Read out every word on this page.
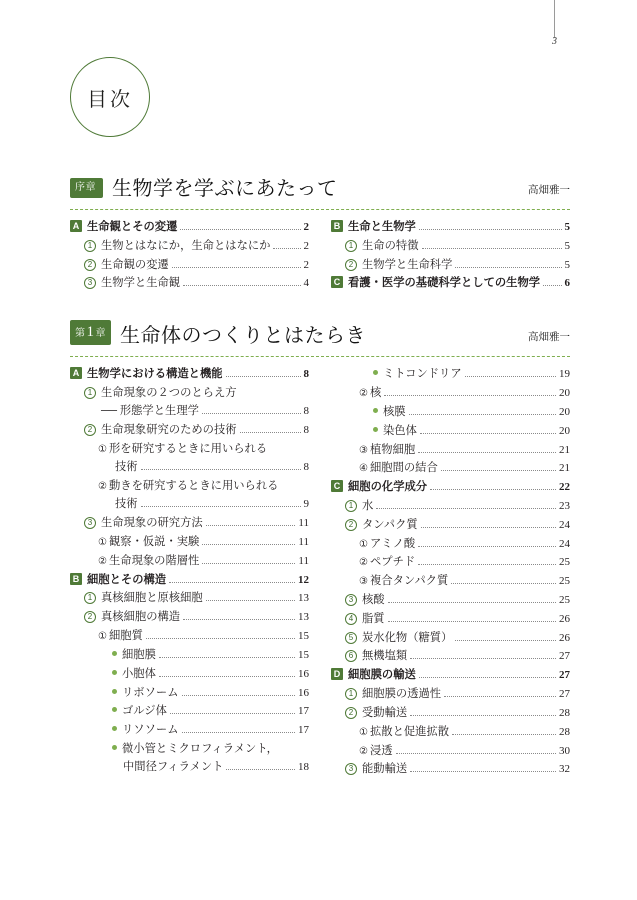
3
目次
序章 生物学を学ぶにあたって	高畑雅一
A 生命観とその変遷	2
1 生物とはなにか，生命とはなにか	2
2 生命観の変遷	2
3 生物学と生命観	4
B 生命と生物学	5
1 生命の特徴	5
2 生物学と生命科学	5
C 看護・医学の基礎科学としての生物学 6
第 1 章 生命体のつくりとはたらき	高畑雅一
A 生物学における構造と機能	8
1 生命現象の２つのとらえ方
── 形態学と生理学	8
2 生命現象研究のための技術	8
① 形を研究するときに用いられる
技術	8
② 動きを研究するときに用いられる
技術	9
3 生命現象の研究方法	11
① 観察・仮説・実験	11
② 生命現象の階層性	11
B 細胞とその構造	12
1 真核細胞と原核細胞	13
2 真核細胞の構造	13
① 細胞質	15
細胞膜	15
小胞体	16
リボソーム	16
ゴルジ体	17
リソソーム	17
微小管とミクロフィラメント，
中間径フィラメント	18
ミトコンドリア	19
② 核	20
核膜	20
染色体	20
③ 植物細胞	21
④ 細胞間の結合	21
C 細胞の化学成分	22
1 水	23
2 タンパク質	24
① アミノ酸	24
② ペプチド	25
③ 複合タンパク質	25
3 核酸	25
4 脂質	26
5 炭水化物（糖質）	26
6 無機塩類	27
D 細胞膜の輸送	27
1 細胞膜の透過性	27
2 受動輸送	28
① 拡散と促進拡散	28
② 浸透	30
3 能動輸送	32
